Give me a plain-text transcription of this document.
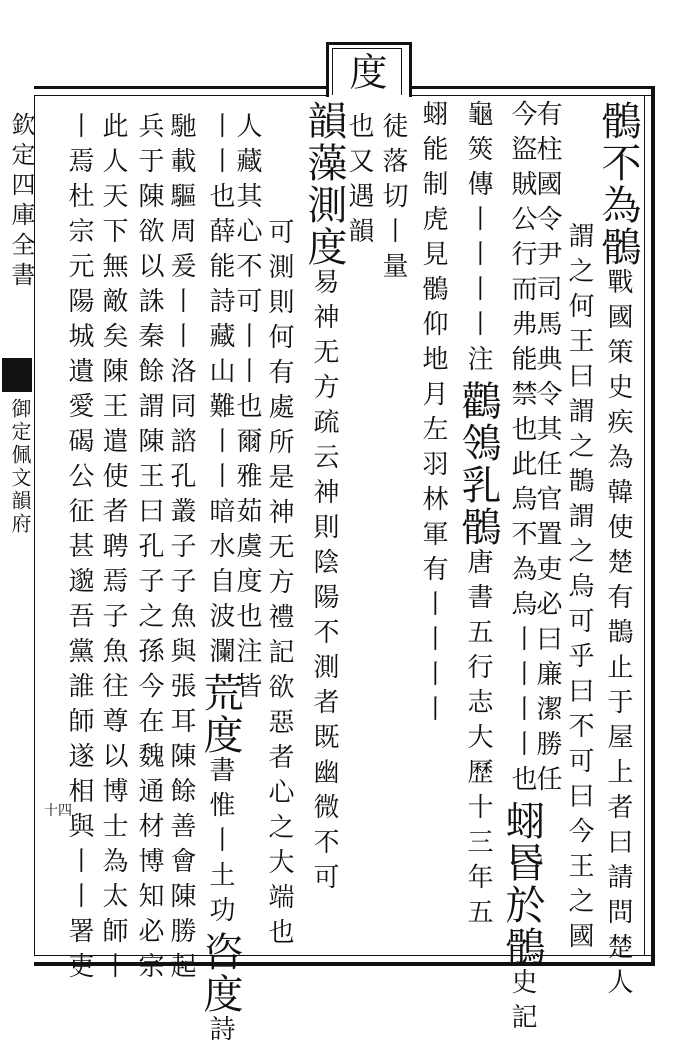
度
欽定四庫全書
御定佩文韻府
十四
鶻不為鶻戰國策史疾為韓使楚有鵲止于屋上者曰請問楚人
謂之何王曰謂之鵲謂之烏可乎曰不可曰今王之國
有柱國令尹司馬典令其任官置吏必曰廉潔勝任
今盜賊公行而弗能禁也此烏不為烏丨丨丨丨也蛡昬於鶻史記
龜筴傳丨丨丨丨注鸛鴒乳鶻唐書五行志大歷十三年五
蛡能制虎見鶻仰地月左羽林軍有丨丨丨丨
徒落切丨量
也又遇韻
韻藻測度易神无方疏云神則陰陽不測者既幽微不可
可測則何有處所是神无方禮記欲惡者心之大端也
人藏其心不可丨丨也爾雅茹虞度也注皆
丨丨也薛能詩藏山難丨丨暗水自波瀾荒度書惟丨土功咨度詩
馳載驅周爰丨丨洛同諮孔叢子子魚與張耳陳餘善會陳勝起
兵于陳欲以誅秦餘謂陳王曰孔子之孫今在魏通材博知必宗
此人天下無敵矣陳王遣使者聘焉子魚往尊以博士為太師丨
丨焉杜宗元陽城遺愛碣公征甚邈吾黨誰師遂相與丨丨署吏
